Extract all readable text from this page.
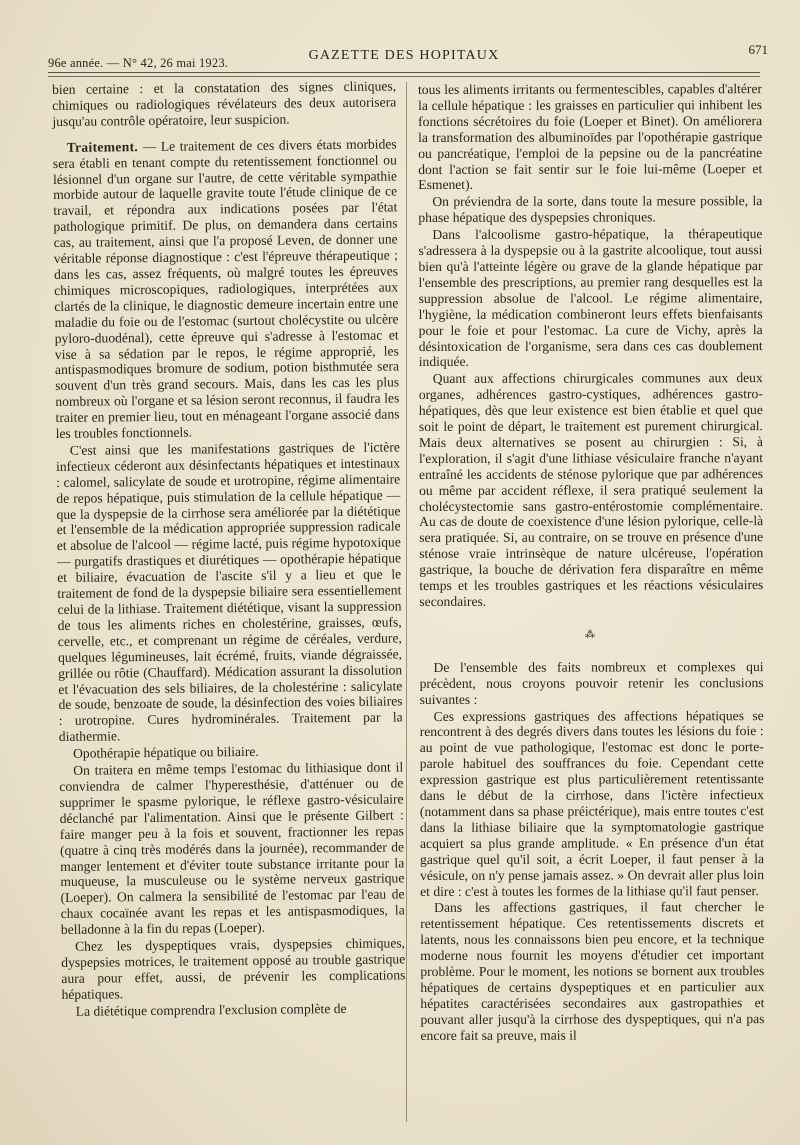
96e année. — N° 42, 26 mai 1923.	GAZETTE DES HOPITAUX	671

bien certaine : et la constatation des signes cliniques, chimiques ou radiologiques révélateurs des deux autorisera jusqu'au contrôle opératoire, leur suspicion.

Traitement. — Le traitement de ces divers états morbides sera établi en tenant compte du retentissement fonctionnel ou lésionnel d'un organe sur l'autre, de cette véritable sympathie morbide autour de laquelle gravite toute l'étude clinique de ce travail, et répondra aux indications posées par l'état pathologique primitif. De plus, on demandera dans certains cas, au traitement, ainsi que l'a proposé Leven, de donner une véritable réponse diagnostique : c'est l'épreuve thérapeutique ; dans les cas, assez fréquents, où malgré toutes les épreuves chimiques microscopiques, radiologiques, interprétées aux clartés de la clinique, le diagnostic demeure incertain entre une maladie du foie ou de l'estomac (surtout cholécystite ou ulcère pyloro-duodénal), cette épreuve qui s'adresse à l'estomac et vise à sa sédation par le repos, le régime approprié, les antispasmodiques bromure de sodium, potion bisthmutée sera souvent d'un très grand secours. Mais, dans les cas les plus nombreux où l'organe et sa lésion seront reconnus, il faudra les traiter en premier lieu, tout en ménageant l'organe associé dans les troubles fonctionnels.

C'est ainsi que les manifestations gastriques de l'ictère infectieux céderont aux désinfectants hépatiques et intestinaux : calomel, salicylate de soude et urotropine, régime alimentaire de repos hépatique, puis stimulation de la cellule hépatique — que la dyspepsie de la cirrhose sera améliorée par la diététique et l'ensemble de la médication appropriée suppression radicale et absolue de l'alcool — régime lacté, puis régime hypotoxique — purgatifs drastiques et diurétiques — opothérapie hépatique et biliaire, évacuation de l'ascite s'il y a lieu et que le traitement de fond de la dyspepsie biliaire sera essentiellement celui de la lithiase. Traitement diététique, visant la suppression de tous les aliments riches en cholestérine, graisses, œufs, cervelle, etc., et comprenant un régime de céréales, verdure, quelques légumineuses, lait écrémé, fruits, viande dégraissée, grillée ou rôtie (Chauffard). Médication assurant la dissolution et l'évacuation des sels biliaires, de la cholestérine : salicylate de soude, benzoate de soude, la désinfection des voies biliaires : urotropine. Cures hydrominérales. Traitement par la diathermie.

Opothérapie hépatique ou biliaire.

On traitera en même temps l'estomac du lithiasique dont il conviendra de calmer l'hyperesthésie, d'atténuer ou de supprimer le spasme pylorique, le réflexe gastro-vésiculaire déclanché par l'alimentation. Ainsi que le présente Gilbert : faire manger peu à la fois et souvent, fractionner les repas (quatre à cinq très modérés dans la journée), recommander de manger lentement et d'éviter toute substance irritante pour la muqueuse, la musculeuse ou le système nerveux gastrique (Loeper). On calmera la sensibilité de l'estomac par l'eau de chaux cocaïnée avant les repas et les antispasmodiques, la belladonne à la fin du repas (Loeper).

Chez les dyspeptiques vrais, dyspepsies chimiques, dyspepsies motrices, le traitement opposé au trouble gastrique aura pour effet, aussi, de prévenir les complications hépatiques.

La diététique comprendra l'exclusion complète de

tous les aliments irritants ou fermentescibles, capables d'altérer la cellule hépatique : les graisses en particulier qui inhibent les fonctions sécrétoires du foie (Loeper et Binet). On améliorera la transformation des albuminoïdes par l'opothérapie gastrique ou pancréatique, l'emploi de la pepsine ou de la pancréatine dont l'action se fait sentir sur le foie lui-même (Loeper et Esmenet).

On préviendra de la sorte, dans toute la mesure possible, la phase hépatique des dyspepsies chroniques.

Dans l'alcoolisme gastro-hépatique, la thérapeutique s'adressera à la dyspepsie ou à la gastrite alcoolique, tout aussi bien qu'à l'atteinte légère ou grave de la glande hépatique par l'ensemble des prescriptions, au premier rang desquelles est la suppression absolue de l'alcool. Le régime alimentaire, l'hygiène, la médication combineront leurs effets bienfaisants pour le foie et pour l'estomac. La cure de Vichy, après la désintoxication de l'organisme, sera dans ces cas doublement indiquée.

Quant aux affections chirurgicales communes aux deux organes, adhérences gastro-cystiques, adhérences gastro-hépatiques, dès que leur existence est bien établie et quel que soit le point de départ, le traitement est purement chirurgical. Mais deux alternatives se posent au chirurgien : Si, à l'exploration, il s'agit d'une lithiase vésiculaire franche n'ayant entraîné les accidents de sténose pylorique que par adhérences ou même par accident réflexe, il sera pratiqué seulement la cholécystectomie sans gastro-entérostomie complémentaire. Au cas de doute de coexistence d'une lésion pylorique, celle-là sera pratiquée. Si, au contraire, on se trouve en présence d'une sténose vraie intrinsèque de nature ulcéreuse, l'opération gastrique, la bouche de dérivation fera disparaître en même temps et les troubles gastriques et les réactions vésiculaires secondaires.

⁂

De l'ensemble des faits nombreux et complexes qui précèdent, nous croyons pouvoir retenir les conclusions suivantes :

Ces expressions gastriques des affections hépatiques se rencontrent à des degrés divers dans toutes les lésions du foie : au point de vue pathologique, l'estomac est donc le porte-parole habituel des souffrances du foie. Cependant cette expression gastrique est plus particulièrement retentissante dans le début de la cirrhose, dans l'ictère infectieux (notamment dans sa phase préictérique), mais entre toutes c'est dans la lithiase biliaire que la symptomatologie gastrique acquiert sa plus grande amplitude. « En présence d'un état gastrique quel qu'il soit, a écrit Loeper, il faut penser à la vésicule, on n'y pense jamais assez. » On devrait aller plus loin et dire : c'est à toutes les formes de la lithiase qu'il faut penser.

Dans les affections gastriques, il faut chercher le retentissement hépatique. Ces retentissements discrets et latents, nous les connaissons bien peu encore, et la technique moderne nous fournit les moyens d'étudier cet important problème. Pour le moment, les notions se bornent aux troubles hépatiques de certains dyspeptiques et en particulier aux hépatites caractérisées secondaires aux gastropathies et pouvant aller jusqu'à la cirrhose des dyspeptiques, qui n'a pas encore fait sa preuve, mais il
